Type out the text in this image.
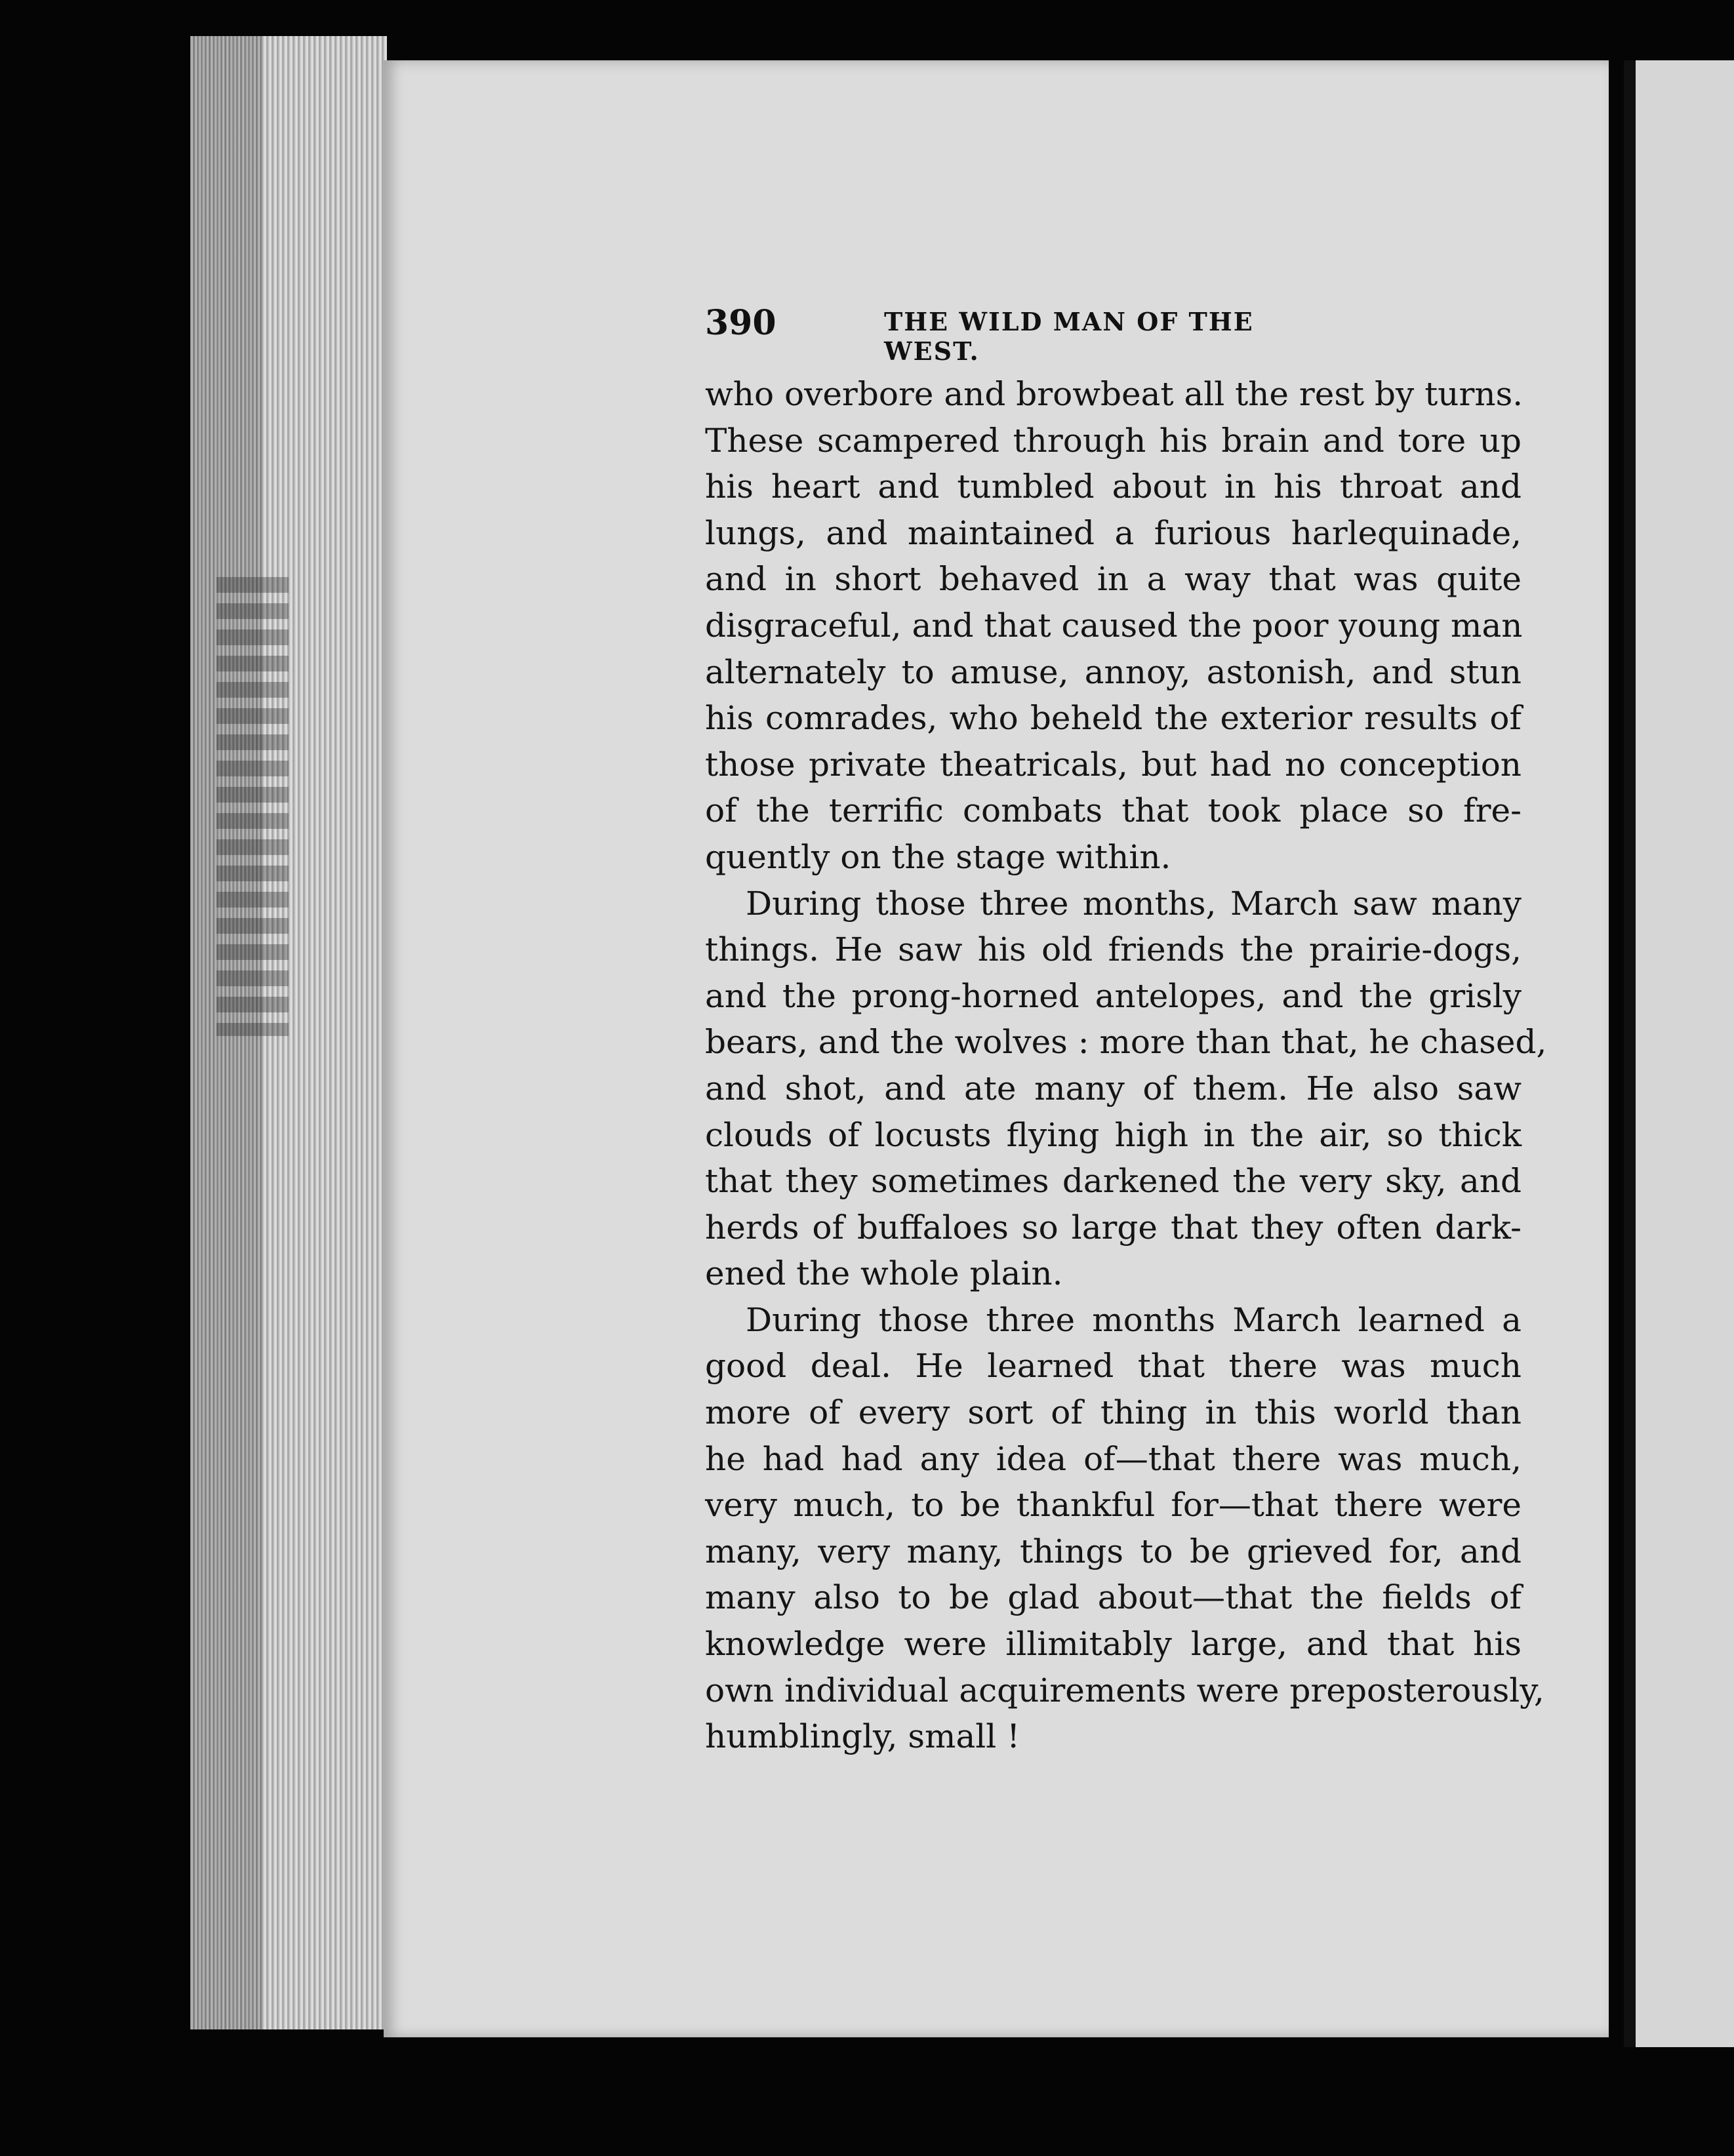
390	THE WILD MAN OF THE WEST.
who overbore and browbeat all the rest by turns.
These scampered through his brain and tore up
his heart and tumbled about in his throat and
lungs, and maintained a furious harlequinade,
and in short behaved in a way that was quite
disgraceful, and that caused the poor young man
alternately to amuse, annoy, astonish, and stun
his comrades, who beheld the exterior results of
those private theatricals, but had no conception
of the terrific combats that took place so fre-
quently on the stage within.
During those three months, March saw many
things. He saw his old friends the prairie-dogs,
and the prong-horned antelopes, and the grisly
bears, and the wolves : more than that, he chased,
and shot, and ate many of them. He also saw
clouds of locusts flying high in the air, so thick
that they sometimes darkened the very sky, and
herds of buffaloes so large that they often dark-
ened the whole plain.
During those three months March learned a
good deal. He learned that there was much
more of every sort of thing in this world than
he had had any idea of—that there was much,
very much, to be thankful for—that there were
many, very many, things to be grieved for, and
many also to be glad about—that the fields of
knowledge were illimitably large, and that his
own individual acquirements were preposterously,
humblingly, small !
